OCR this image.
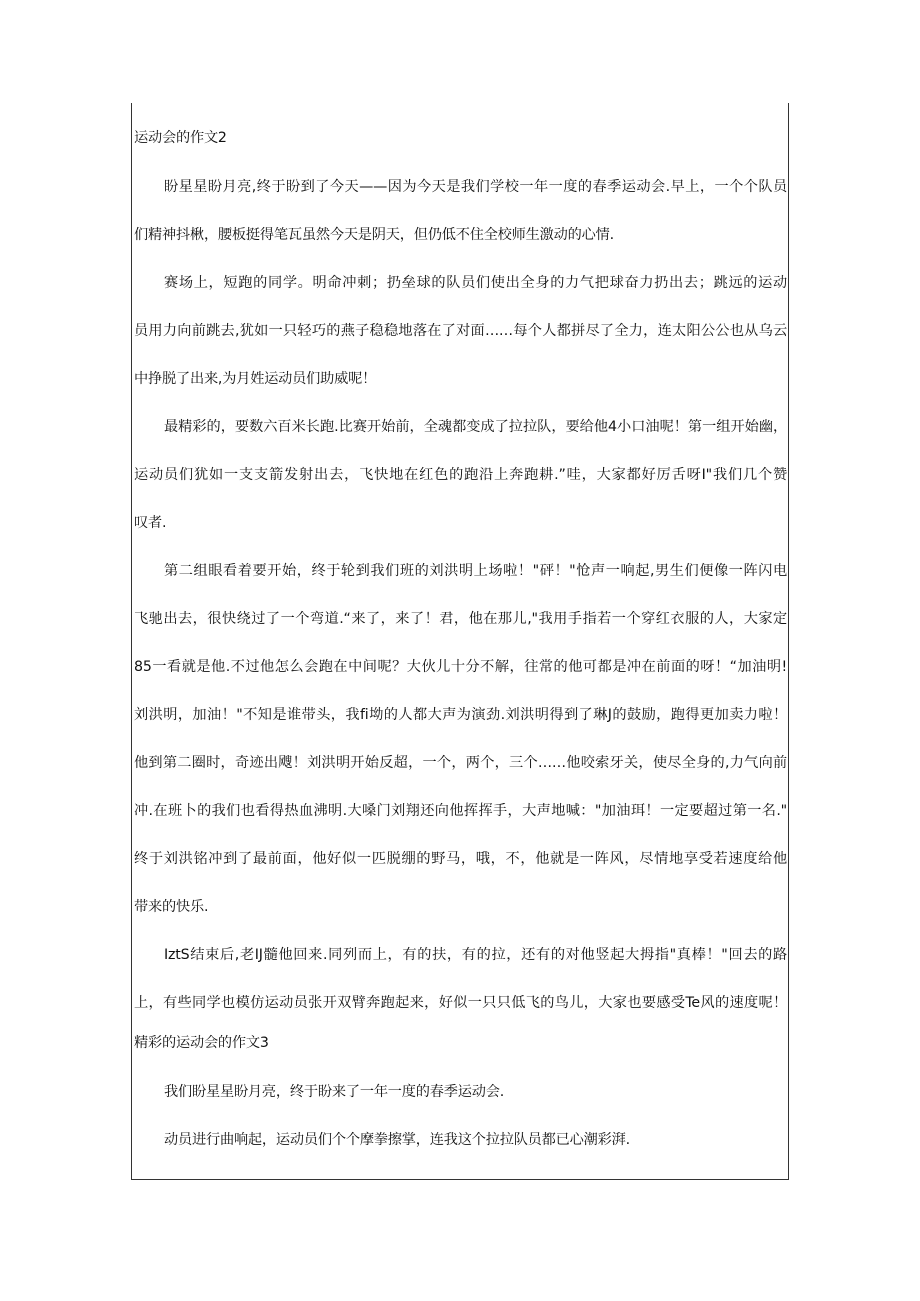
运动会的作文2
盼星星盼月亮,终于盼到了今天——因为今天是我们学校一年一度的春季运动会.早上，一个个队员
们精神抖楸，腰板挺得笔瓦虽然今天是阴天，但仍低不住全校师生激动的心情.
赛场上，短跑的同学。明命冲刺；扔垒球的队员们使出全身的力气把球奋力扔出去；跳远的运动
员用力向前跳去,犹如一只轻巧的燕子稳稳地落在了对面……每个人都拼尽了全力，连太阳公公也从乌云
中挣脱了出来,为月姓运动员们助威呢！
最精彩的，要数六百米长跑.比赛开始前，全魂都变成了拉拉队，要给他4小口油呢！第一组开始幽，
运动员们犹如一支支箭发射出去，飞快地在红色的跑沿上奔跑耕.”哇，大家都好厉舌呀I"我们几个赞
叹者.
第二组眼看着要开始，终于轮到我们班的刘洪明上场啦！"砰！"怆声一响起,男生们便像一阵闪电
飞驰出去，很快绕过了一个弯道.“来了，来了！君，他在那儿,"我用手指若一个穿红衣服的人，大家定
85一看就是他.不过他怎么会跑在中间呢？大伙儿十分不解，往常的他可都是冲在前面的呀！“加油明!
刘洪明，加油！"不知是谁带头，我fi坳的人都大声为演劲.刘洪明得到了琳J的鼓励，跑得更加卖力啦！
他到第二圈时，奇迹出飕！刘洪明开始反超，一个，两个，三个……他咬索牙关，使尽全身的,力气向前
冲.在班卜的我们也看得热血沸明.大嗓门刘翔还向他挥挥手，大声地喊："加油珥！一定要超过第一名."
终于刘洪铭冲到了最前面，他好似一匹脱绷的野马，哦，不，他就是一阵风，尽情地享受若速度给他
带来的快乐.
IztS结束后,老IJ髓他回来.同列而上，有的扶，有的拉，还有的对他竖起大拇指"真棒！"回去的路
上，有些同学也模仿运动员张开双臂奔跑起来，好似一只只低飞的鸟儿，大家也要感受Te风的速度呢！
精彩的运动会的作文3
我们盼星星盼月亮，终于盼来了一年一度的春季运动会.
动员进行曲响起，运动员们个个摩拳擦掌，连我这个拉拉队员都已心潮彩湃.
